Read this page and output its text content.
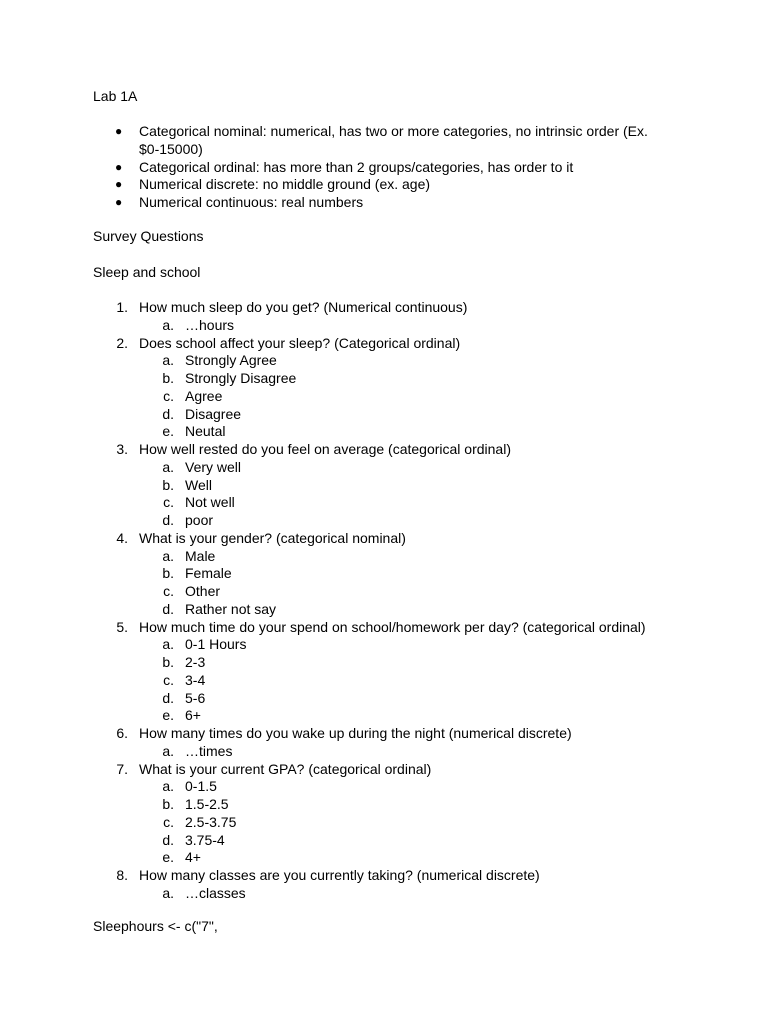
Lab 1A
● Categorical nominal: numerical, has two or more categories, no intrinsic order (Ex.
$0-15000)
● Categorical ordinal: has more than 2 groups/categories, has order to it
● Numerical discrete: no middle ground (ex. age)
● Numerical continuous: real numbers
Survey Questions
Sleep and school
1. How much sleep do you get? (Numerical continuous)
a. …hours
2. Does school affect your sleep? (Categorical ordinal)
a. Strongly Agree
b. Strongly Disagree
c. Agree
d. Disagree
e. Neutal
3. How well rested do you feel on average (categorical ordinal)
a. Very well
b. Well
c. Not well
d. poor
4. What is your gender? (categorical nominal)
a. Male
b. Female
c. Other
d. Rather not say
5. How much time do your spend on school/homework per day? (categorical ordinal)
a. 0-1 Hours
b. 2-3
c. 3-4
d. 5-6
e. 6+
6. How many times do you wake up during the night (numerical discrete)
a. …times
7. What is your current GPA? (categorical ordinal)
a. 0-1.5
b. 1.5-2.5
c. 2.5-3.75
d. 3.75-4
e. 4+
8. How many classes are you currently taking? (numerical discrete)
a. …classes
Sleephours <- c("7",
